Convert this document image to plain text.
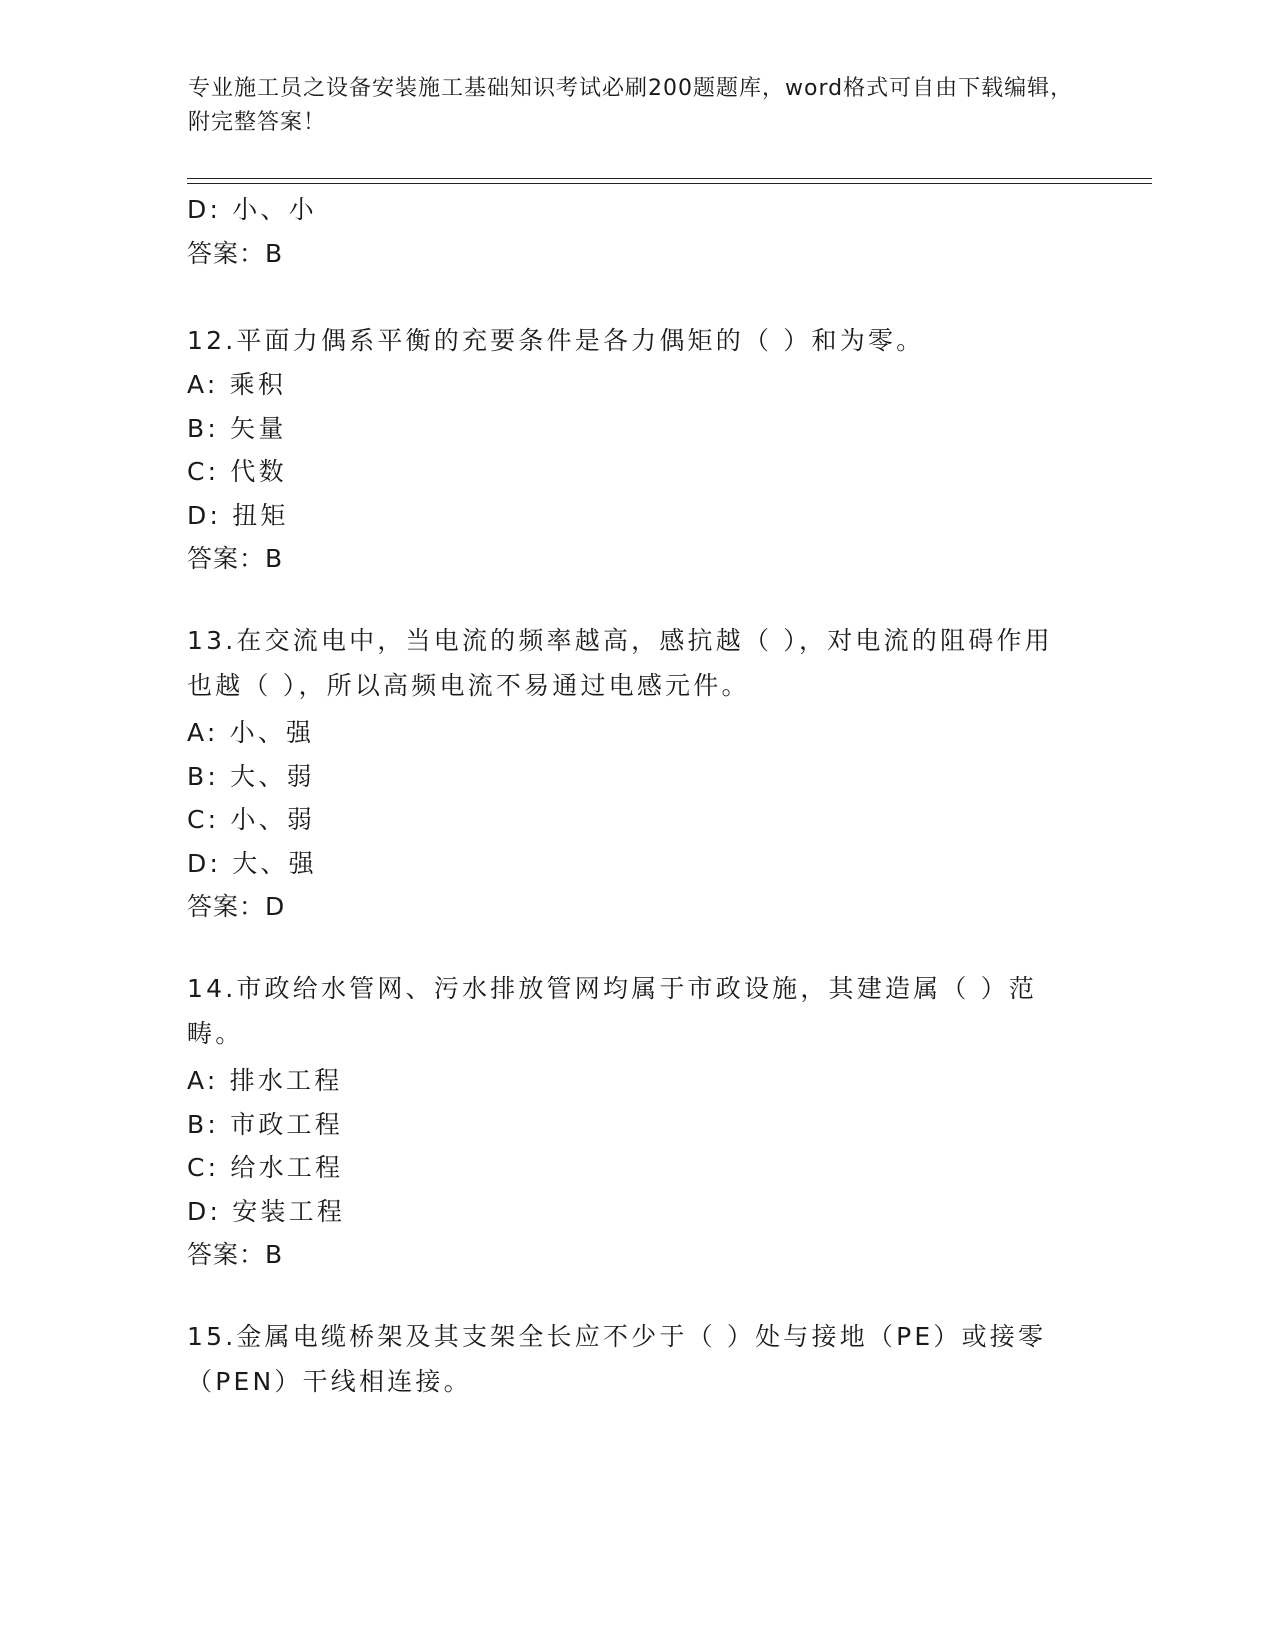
专业施工员之设备安装施工基础知识考试必刷200题题库，word格式可自由下载编辑，附完整答案！
D: 小、小
答案：B
12.平面力偶系平衡的充要条件是各力偶矩的（ ）和为零。
A: 乘积
B: 矢量
C: 代数
D: 扭矩
答案：B
13.在交流电中，当电流的频率越高，感抗越（ ），对电流的阻碍作用也越（ ），所以高频电流不易通过电感元件。
A: 小、强
B: 大、弱
C: 小、弱
D: 大、强
答案：D
14.市政给水管网、污水排放管网均属于市政设施，其建造属（ ）范畴。
A: 排水工程
B: 市政工程
C: 给水工程
D: 安装工程
答案：B
15.金属电缆桥架及其支架全长应不少于（ ）处与接地（PE）或接零（PEN）干线相连接。
